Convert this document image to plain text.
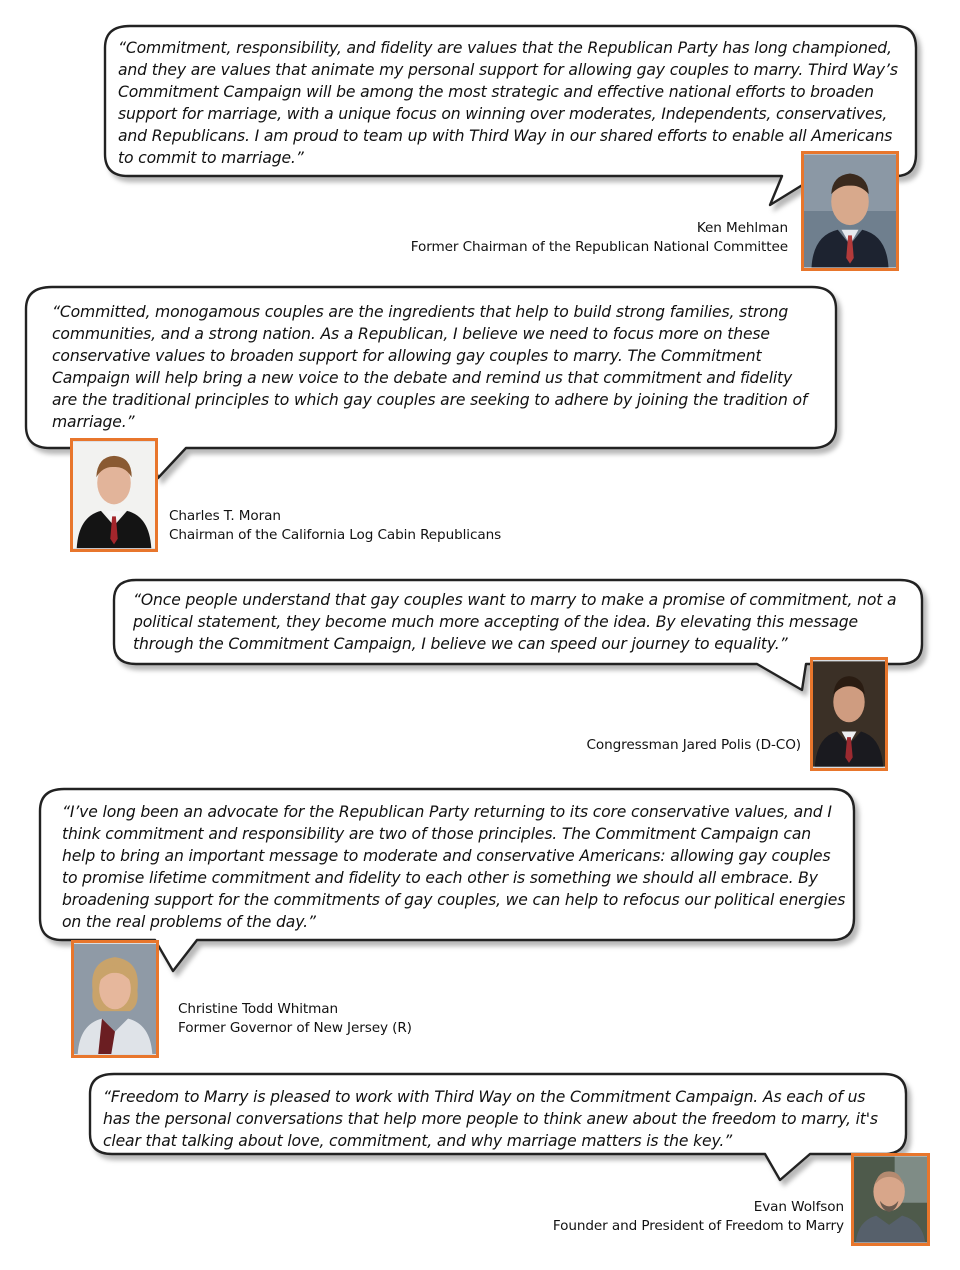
“Commitment, responsibility, and fidelity are values that the Republican Party has long championed, and they are values that animate my personal support for allowing gay couples to marry. Third Way’s Commitment Campaign will be among the most strategic and effective national efforts to broaden support for marriage, with a unique focus on winning over moderates, Independents, conservatives, and Republicans. I am proud to team up with Third Way in our shared efforts to enable all Americans to commit to marriage.”

Ken Mehlman
Former Chairman of the Republican National Committee

“Committed, monogamous couples are the ingredients that help to build strong families, strong communities, and a strong nation. As a Republican, I believe we need to focus more on these conservative values to broaden support for allowing gay couples to marry. The Commitment Campaign will help bring a new voice to the debate and remind us that commitment and fidelity are the traditional principles to which gay couples are seeking to adhere by joining the tradition of marriage.”

Charles T. Moran
Chairman of the California Log Cabin Republicans

“Once people understand that gay couples want to marry to make a promise of commitment, not a political statement, they become much more accepting of the idea. By elevating this message through the Commitment Campaign, I believe we can speed our journey to equality.”

Congressman Jared Polis (D-CO)

“I’ve long been an advocate for the Republican Party returning to its core conservative values, and I think commitment and responsibility are two of those principles. The Commitment Campaign can help to bring an important message to moderate and conservative Americans: allowing gay couples to promise lifetime commitment and fidelity to each other is something we should all embrace. By broadening support for the commitments of gay couples, we can help to refocus our political energies on the real problems of the day.”

Christine Todd Whitman
Former Governor of New Jersey (R)

“Freedom to Marry is pleased to work with Third Way on the Commitment Campaign. As each of us has the personal conversations that help more people to think anew about the freedom to marry, it's clear that talking about love, commitment, and why marriage matters is the key.”

Evan Wolfson
Founder and President of Freedom to Marry
